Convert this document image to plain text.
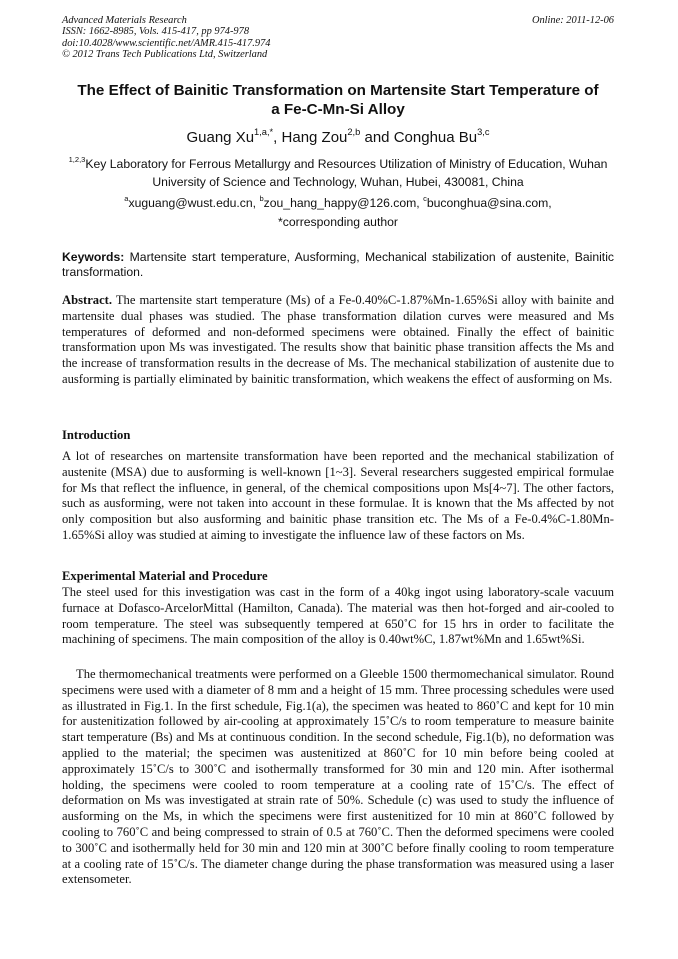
Advanced Materials Research
ISSN: 1662-8985, Vols. 415-417, pp 974-978
doi:10.4028/www.scientific.net/AMR.415-417.974
© 2012 Trans Tech Publications Ltd, Switzerland
Online: 2011-12-06
The Effect of Bainitic Transformation on Martensite Start Temperature of
a Fe-C-Mn-Si Alloy
Guang $Xu^{1,a,*}$, Hang Zou$^{2,b}$ and Conghua Bu$^{3,c}$
$^{1,2,3}$Key Laboratory for Ferrous Metallurgy and Resources Utilization of Ministry of Education, Wuhan
University of Science and Technology, Wuhan, Hubei, 430081, China
$^a$xuguang@wust.edu.cn, $^b$zou_hang_happy@126.com, $^c$buconghua@sina.com,
*corresponding author
Keywords: Martensite start temperature, Ausforming, Mechanical stabilization of austenite, Bainitic transformation.
Abstract. The martensite start temperature (Ms) of a Fe-0.40%C-1.87%Mn-1.65%Si alloy with bainite and martensite dual phases was studied. The phase transformation dilation curves were measured and Ms temperatures of deformed and non-deformed specimens were obtained. Finally the effect of bainitic transformation upon Ms was investigated. The results show that bainitic phase transition affects the Ms and the increase of transformation results in the decrease of Ms. The mechanical stabilization of austenite due to ausforming is partially eliminated by bainitic transformation, which weakens the effect of ausforming on Ms.
Introduction
A lot of researches on martensite transformation have been reported and the mechanical stabilization of austenite (MSA) due to ausforming is well-known [1~3]. Several researchers suggested empirical formulae for Ms that reflect the influence, in general, of the chemical compositions upon Ms[4~7]. The other factors, such as ausforming, were not taken into account in these formulae. It is known that the Ms affected by not only composition but also ausforming and bainitic phase transition etc. The Ms of a Fe-0.4%C-1.80Mn-1.65%Si alloy was studied at aiming to investigate the influence law of these factors on Ms.
Experimental Material and Procedure
The steel used for this investigation was cast in the form of a 40kg ingot using laboratory-scale vacuum furnace at Dofasco-ArcelorMittal (Hamilton, Canada). The material was then hot-forged and air-cooled to room temperature. The steel was subsequently tempered at 650˚C for 15 hrs in order to facilitate the machining of specimens. The main composition of the alloy is 0.40wt%C, 1.87wt%Mn and 1.65wt%Si.
The thermomechanical treatments were performed on a Gleeble 1500 thermomechanical simulator. Round specimens were used with a diameter of 8 mm and a height of 15 mm. Three processing schedules were used as illustrated in Fig.1. In the first schedule, Fig.1(a), the specimen was heated to 860˚C and kept for 10 min for austenitization followed by air-cooling at approximately 15˚C/s to room temperature to measure bainite start temperature (Bs) and Ms at continuous condition. In the second schedule, Fig.1(b), no deformation was applied to the material; the specimen was austenitized at 860˚C for 10 min before being cooled at approximately 15˚C/s to 300˚C and isothermally transformed for 30 min and 120 min. After isothermal holding, the specimens were cooled to room temperature at a cooling rate of 15˚C/s. The effect of deformation on Ms was investigated at strain rate of 50%. Schedule (c) was used to study the influence of ausforming on the Ms, in which the specimens were first austenitized for 10 min at 860˚C followed by cooling to 760˚C and being compressed to strain of 0.5 at 760˚C. Then the deformed specimens were cooled to 300˚C and isothermally held for 30 min and 120 min at 300˚C before finally cooling to room temperature at a cooling rate of 15˚C/s. The diameter change during the phase transformation was measured using a laser extensometer.
